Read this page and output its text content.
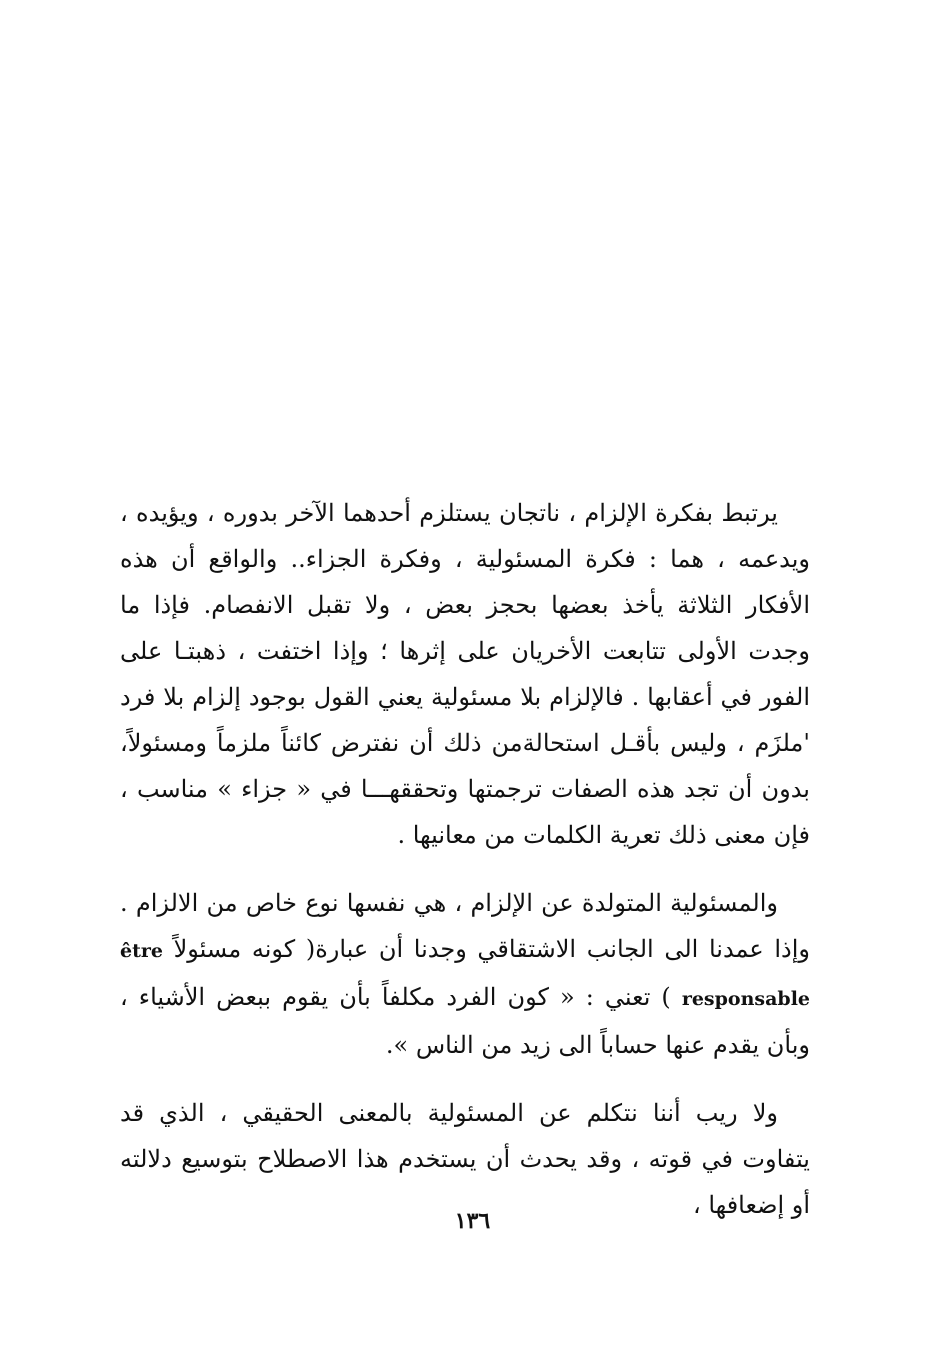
يرتبط بفكرة الإلزام ، ناتجان يستلزم أحدهما الآخر بدوره ، ويؤيده ، ويدعمه ، هما : فكرة المسئولية ، وفكرة الجزاء.. والواقع أن هذه الأفكار الثلاثة يأخذ بعضها بحجز بعض ، ولا تقبل الانفصام. فإذا ما وجدت الأولى تتابعت الأخريان على إثرها ؛ وإذا اختفت ، ذهبتـا على الفور في أعقابها . فالإلزام بلا مسئولية يعني القول بوجود إلزام بلا فرد 'ملزَم ، وليس بأقـل استحالةمن ذلك أن نفترض كائناً ملزماً ومسئولاً، بدون أن تجد هذه الصفات ترجمتها وتحققهـــا في « جزاء » مناسب ، فإن معنى ذلك تعرية الكلمات من معانيها .

والمسئولية المتولدة عن الإلزام ، هي نفسها نوع خاص من الالزام . وإذا عمدنا الى الجانب الاشتقاقي وجدنا أن عبارة( كونه مسئولاً être responsable ) تعني : « كون الفرد مكلفاً بأن يقوم ببعض الأشياء ، وبأن يقدم عنها حساباً الى زيد من الناس ».

ولا ريب أننا نتكلم عن المسئولية بالمعنى الحقيقي ، الذي قد يتفاوت في قوته ، وقد يحدث أن يستخدم هذا الاصطلاح بتوسيع دلالته أو إضعافها ،

١٣٦
